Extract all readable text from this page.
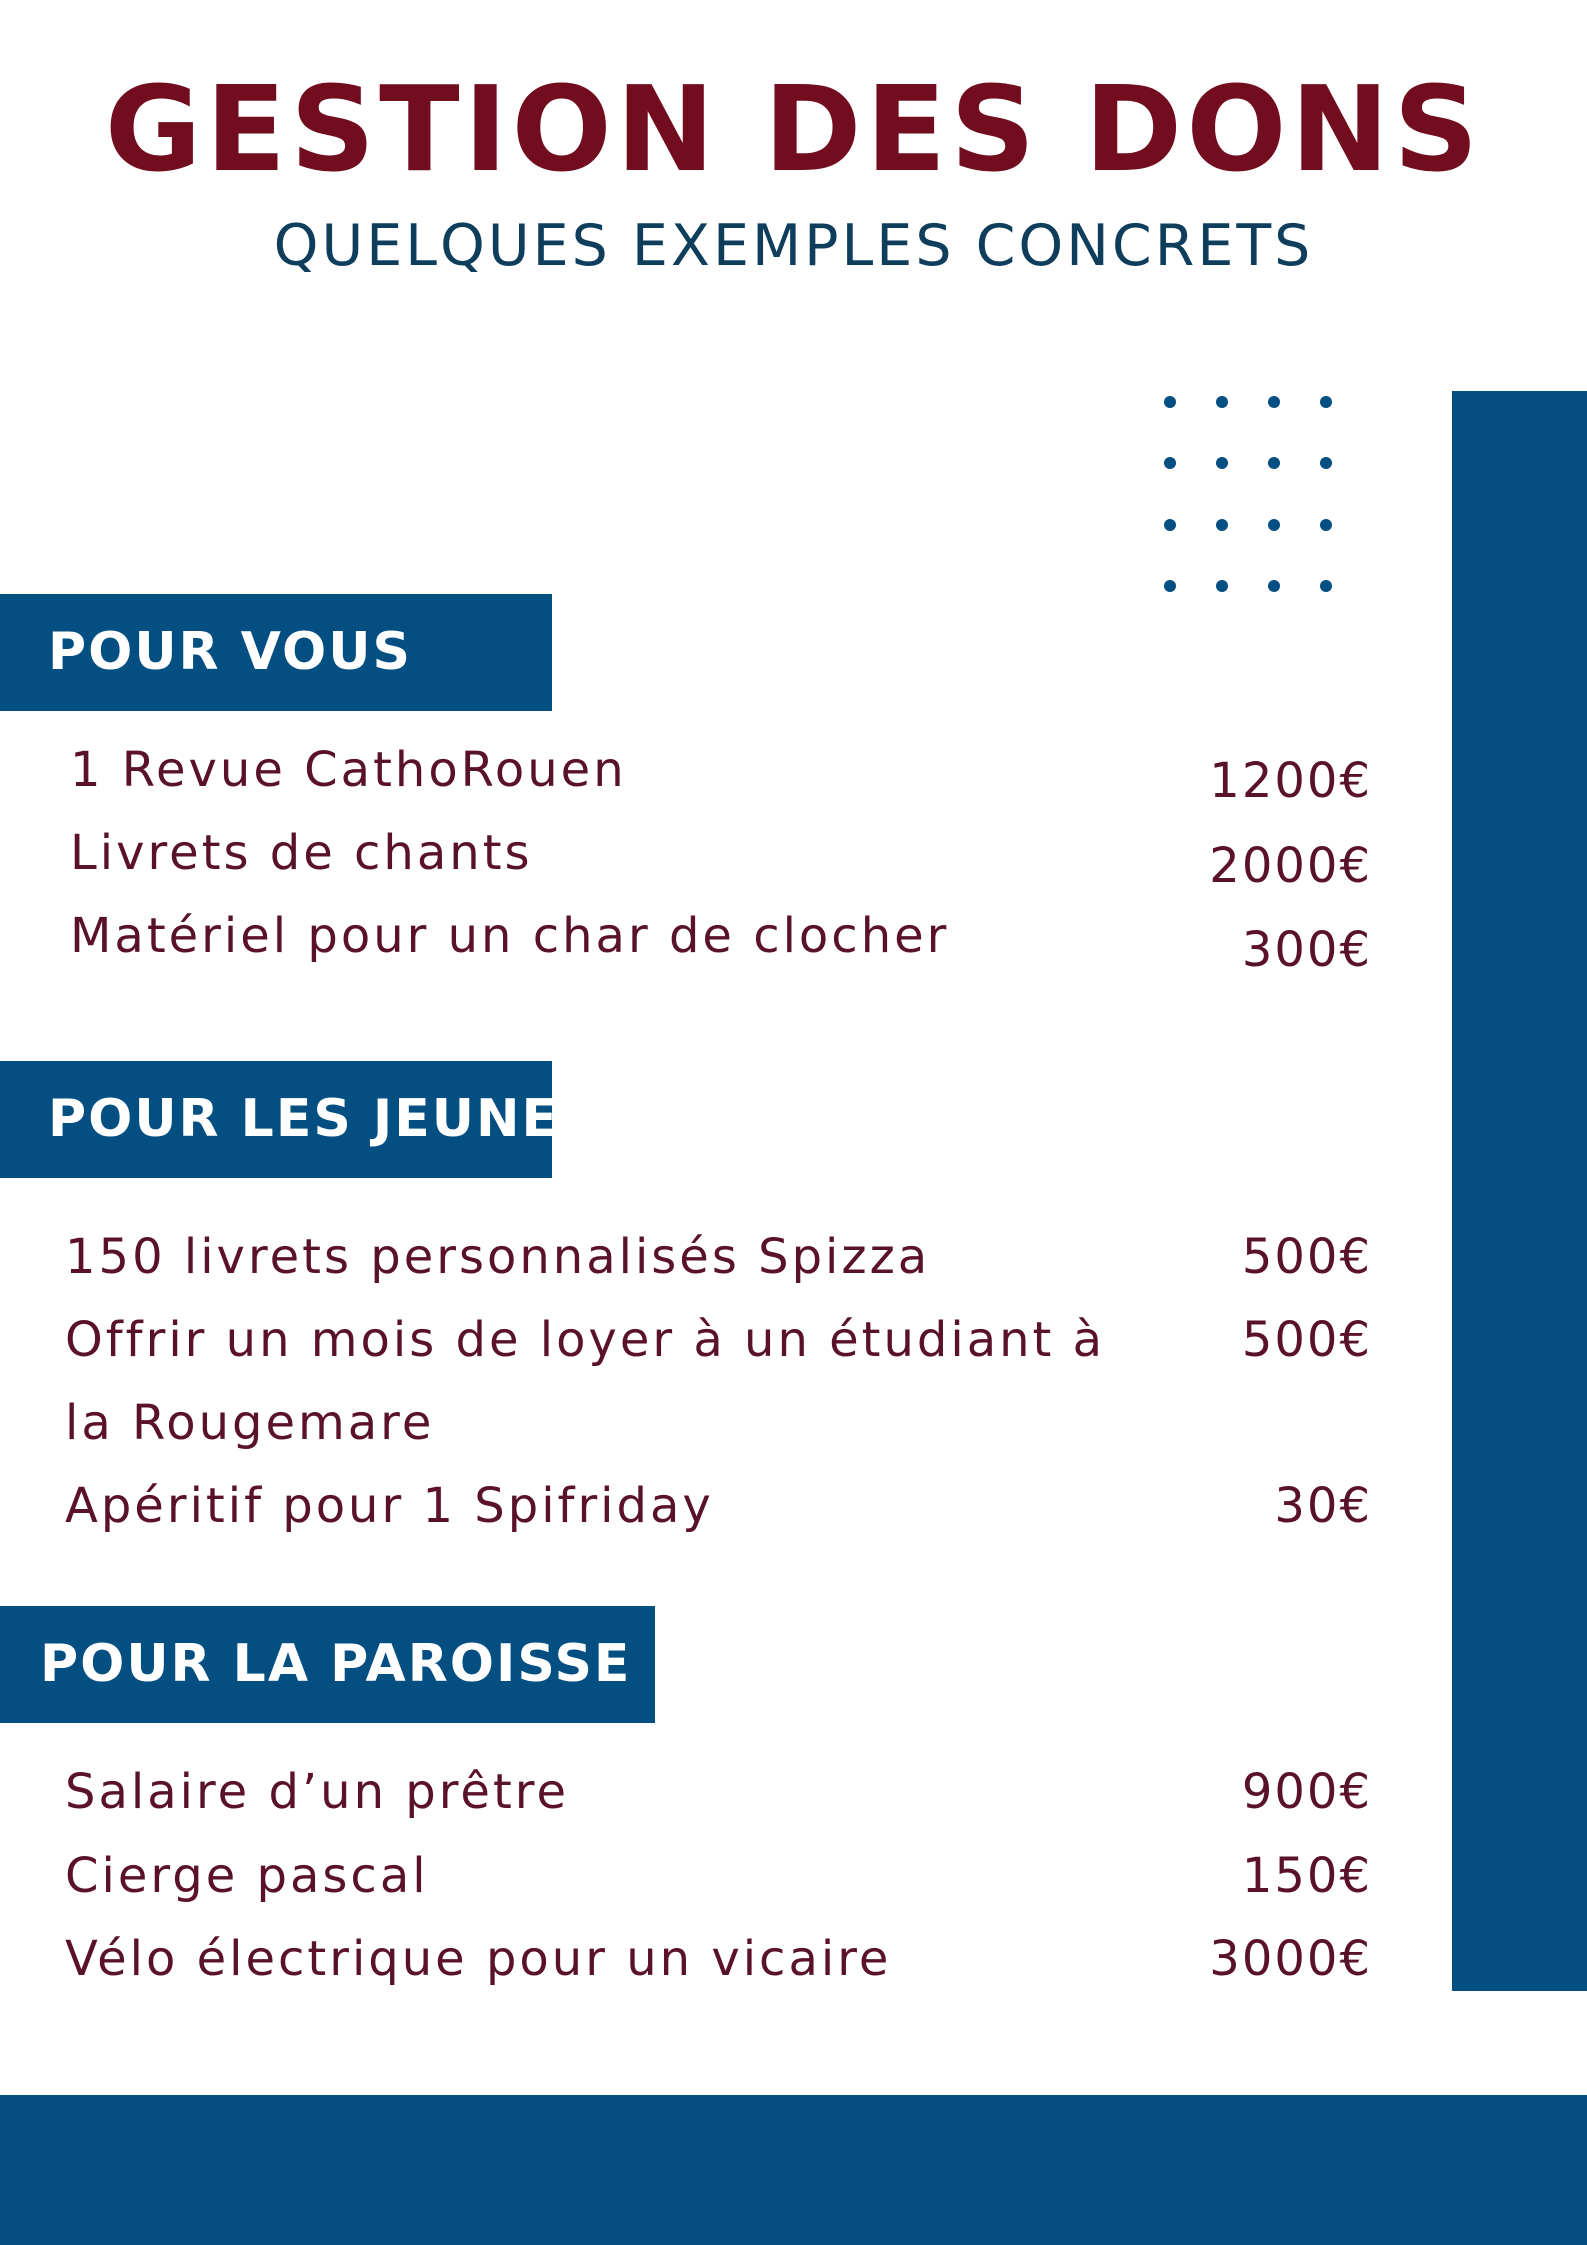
GESTION DES DONS
QUELQUES EXEMPLES CONCRETS
POUR VOUS
1 Revue CathoRouen	1200€
Livrets de chants	2000€
Matériel pour un char de clocher	300€
POUR LES JEUNES
150 livrets personnalisés Spizza	500€
Offrir un mois de loyer à un étudiant à	500€
la Rougemare
Apéritif pour 1 Spifriday	30€
POUR LA PAROISSE
Salaire d’un prêtre	900€
Cierge pascal	150€
Vélo électrique pour un vicaire	3000€
